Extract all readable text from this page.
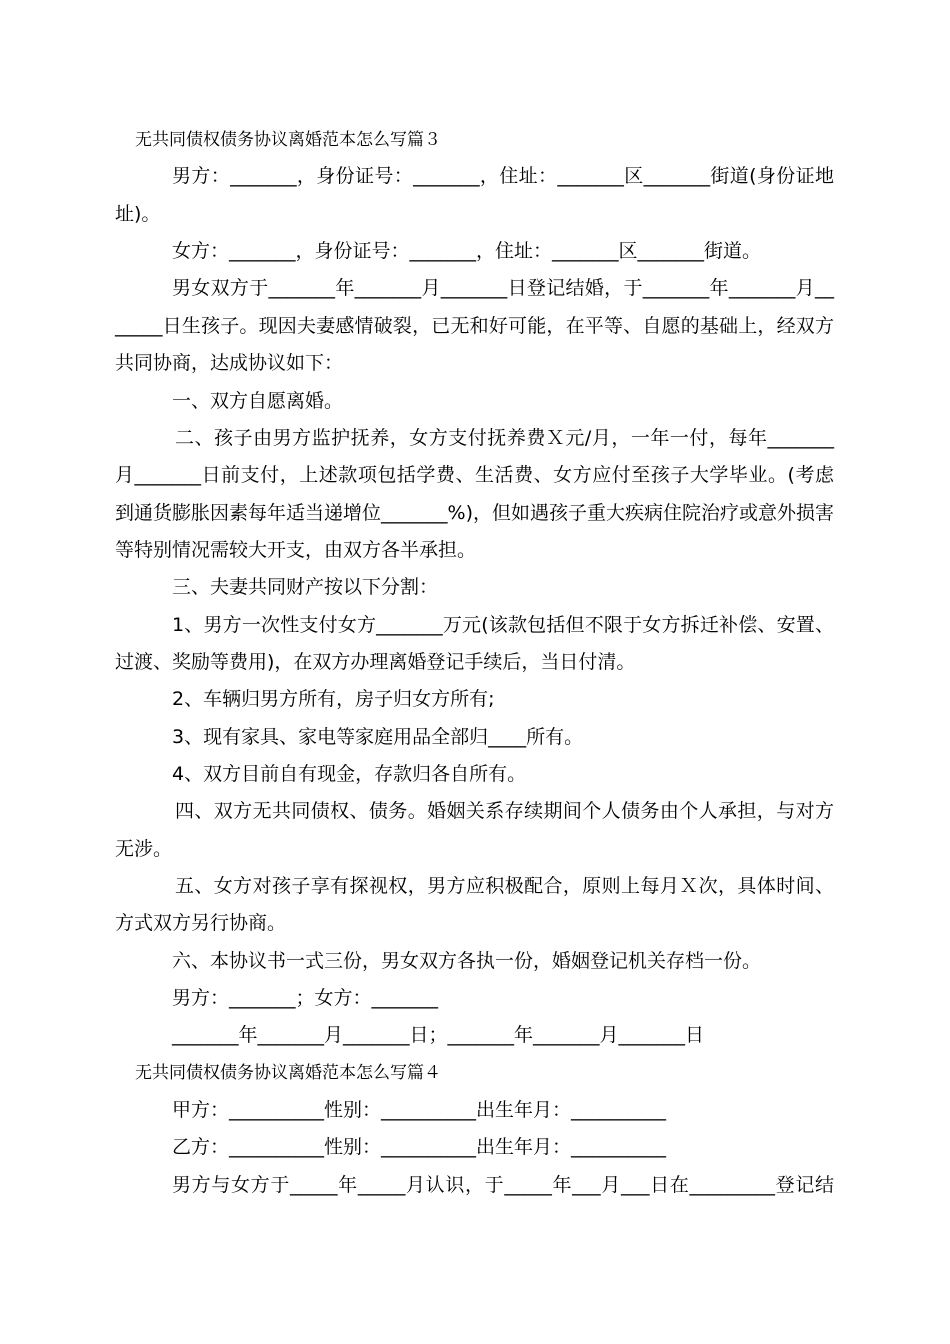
无共同债权债务协议离婚范本怎么写篇３

男方：_______，身份证号：_______，住址：_______区_______街道(身份证地

址)。

女方：_______，身份证号：_______，住址：_______区_______街道。

男女双方于_______年_______月_______日登记结婚，于_______年_______月__

_____日生孩子。现因夫妻感情破裂，已无和好可能，在平等、自愿的基础上，经双方

共同协商，达成协议如下：

一、双方自愿离婚。

二、孩子由男方监护抚养，女方支付抚养费Ｘ元/月，一年一付，每年_______

月_______日前支付，上述款项包括学费、生活费、女方应付至孩子大学毕业。(考虑

到通货膨胀因素每年适当递增位_______%)，但如遇孩子重大疾病住院治疗或意外损害

等特别情况需较大开支，由双方各半承担。

三、夫妻共同财产按以下分割：

1、男方一次性支付女方_______万元(该款包括但不限于女方拆迁补偿、安置、

过渡、奖励等费用)，在双方办理离婚登记手续后，当日付清。

2、车辆归男方所有，房子归女方所有;

3、现有家具、家电等家庭用品全部归____所有。

4、双方目前自有现金，存款归各自所有。

四、双方无共同债权、债务。婚姻关系存续期间个人债务由个人承担，与对方

无涉。

五、女方对孩子享有探视权，男方应积极配合，原则上每月Ｘ次，具体时间、

方式双方另行协商。

六、本协议书一式三份，男女双方各执一份，婚姻登记机关存档一份。

男方：_______；女方：_______

_______年_______月_______日；_______年_______月_______日

无共同债权债务协议离婚范本怎么写篇４

甲方：__________性别：__________出生年月：__________

乙方：__________性别：__________出生年月：__________

男方与女方于_____年_____月认识，于_____年___月___日在_________登记结
